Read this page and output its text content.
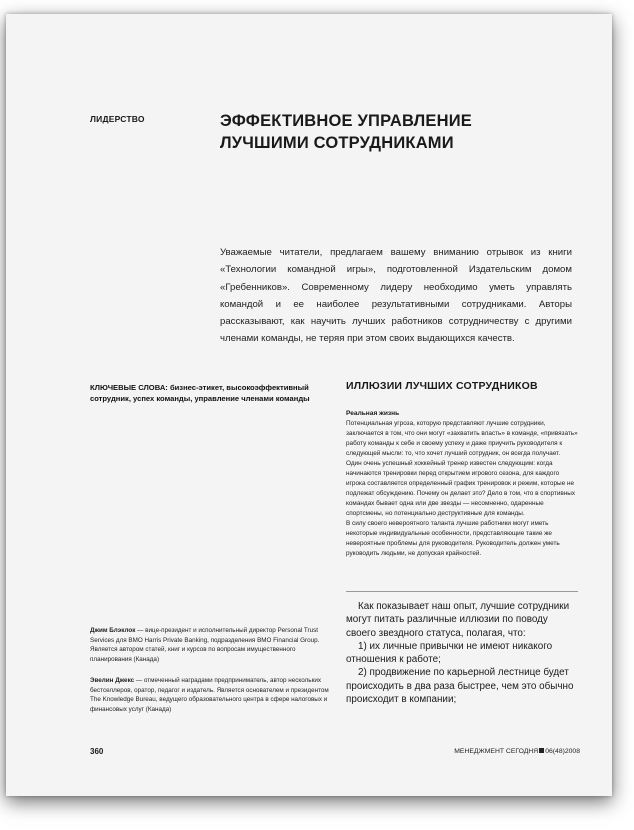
ЛИДЕРСТВО	ЭФФЕКТИВНОЕ УПРАВЛЕНИЕ ЛУЧШИМИ СОТРУДНИКАМИ
Уважаемые читатели, предлагаем вашему вниманию отрывок из книги «Технологии командной игры», подготовленной Издательским домом «Гребенников». Современному лидеру необходимо уметь управлять командой и ее наиболее результативными сотрудниками. Авторы рассказывают, как научить лучших работников сотрудничеству с другими членами команды, не теряя при этом своих выдающихся качеств.
КЛЮЧЕВЫЕ СЛОВА: бизнес-этикет, высокоэффективный сотрудник, успех команды, управление членами команды
ИЛЛЮЗИИ ЛУЧШИХ СОТРУДНИКОВ
Реальная жизнь

Потенциальная угроза, которую представляют лучшие сотрудники, заключается в том, что они могут «захватить власть» в команде, «привязать» работу команды к себе и своему успеху и даже приучить руководителя к следующей мысли: то, что хочет лучший сотрудник, он всегда получает.

Один очень успешный хоккейный тренер известен следующим: когда начинаются тренировки перед открытием игрового сезона, для каждого игрока составляется определенный график тренировок и режим, которые не подлежат обсуждению. Почему он делает это? Дело в том, что в спортивных командах бывает одна или две звезды — несомненно, одаренные спортсмены, но потенциально деструктивные для команды.

В силу своего невероятного таланта лучшие работники могут иметь некоторые индивидуальные особенности, представляющие такие же невероятные проблемы для руководителя. Руководитель должен уметь руководить людьми, не допуская крайностей.

Как показывает наш опыт, лучшие сотрудники могут питать различные иллюзии по поводу своего звездного статуса, полагая, что:

1) их личные привычки не имеют никакого отношения к работе;

2) продвижение по карьерной лестнице будет происходить в два раза быстрее, чем это обычно происходит в компании;

Джим Блэклок — вице-президент и исполнительный директор Personal Trust Services для BMO Harris Private Banking, подразделения BMO Financial Group. Является автором статей, книг и курсов по вопросам имущественного планирования (Канада)
Эвелин Джекс — отмеченный наградами предприниматель, автор нескольких бестселлеров, оратор, педагог и издатель. Является основателем и президентом The Knowledge Bureau, ведущего образовательного центра в сфере налоговых и финансовых услуг (Канада)
360	МЕНЕДЖМЕНТ СЕГОДНЯ 06(48)2008
